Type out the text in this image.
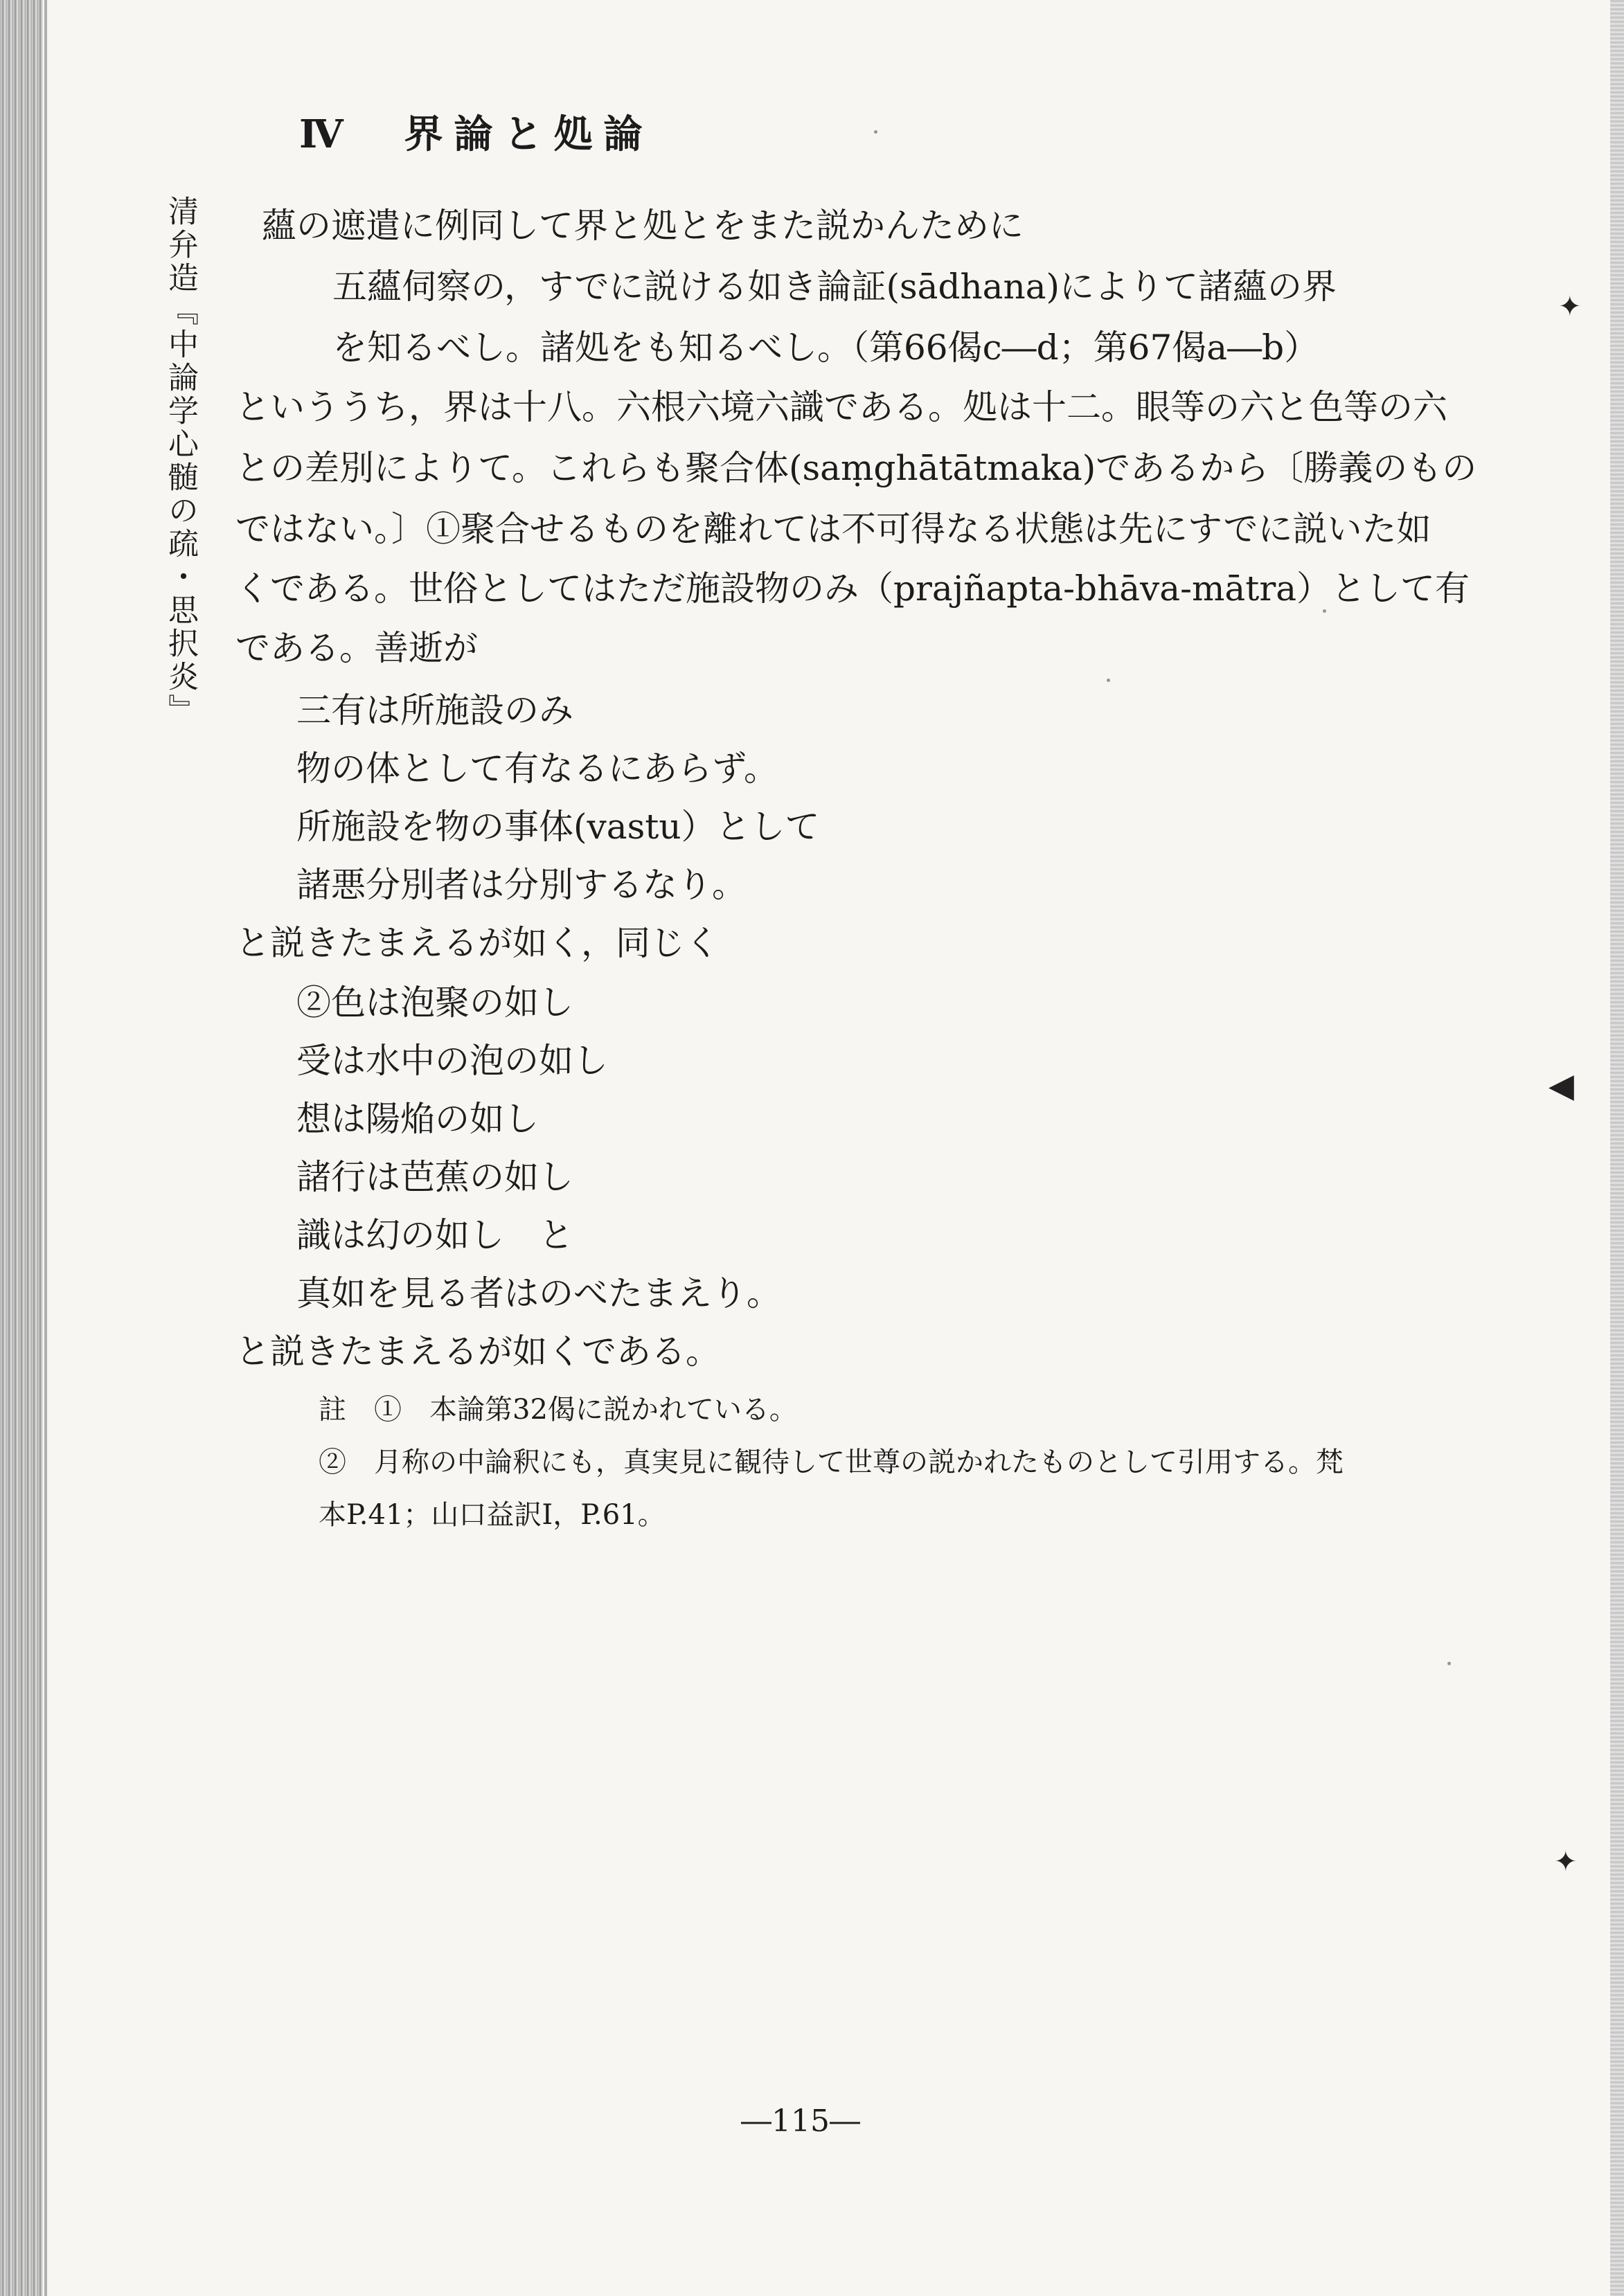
Ⅳ　界論と処論
清弁造『中論学心髄の疏・思択炎』 蘊の遮遣に例同して界と処とをまた説かんために
五蘊伺察の，すでに説ける如き論証(sādhana)によりて諸蘊の界
を知るべし。諸処をも知るべし。（第66偈c―d；第67偈a―b）
といううち，界は十八。六根六境六識である。処は十二。眼等の六と色等の六
との差別によりて。これらも聚合体(saṃghātātmaka)であるから〔勝義のもの
ではない。〕①聚合せるものを離れては不可得なる状態は先にすでに説いた如
くである。世俗としてはただ施設物のみ（prajñapta-bhāva-mātra）として有
である。善逝が
三有は所施設のみ
物の体として有なるにあらず。
所施設を物の事体(vastu）として
諸悪分別者は分別するなり。
と説きたまえるが如く，同じく
②色は泡聚の如し
受は水中の泡の如し
想は陽焔の如し
諸行は芭蕉の如し
識は幻の如し　と
真如を見る者はのべたまえり。
と説きたまえるが如くである。
註　①　本論第32偈に説かれている。
②　月称の中論釈にも，真実見に観待して世尊の説かれたものとして引用する。梵
本P.41；山口益訳Ⅰ，P.61。
―115―
✦
◀
✦
